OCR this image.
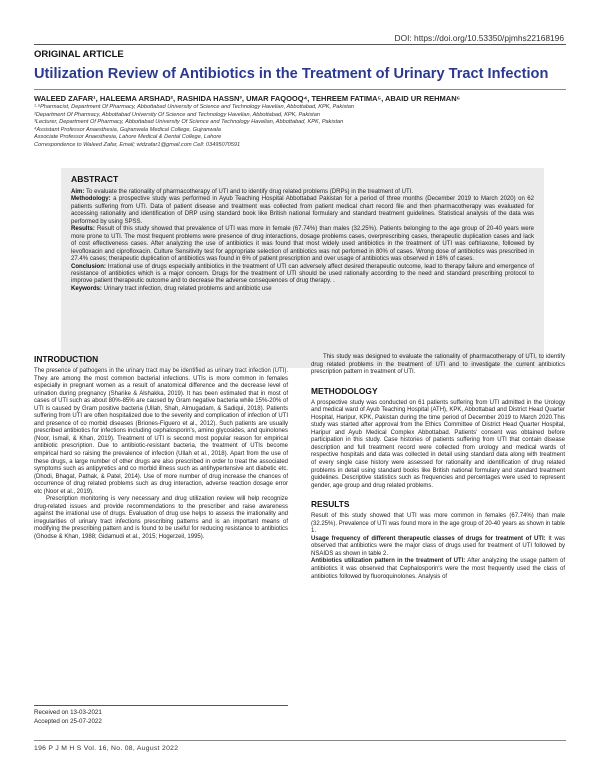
DOI: https://doi.org/10.53350/pjmhs22168196
ORIGINAL ARTICLE
Utilization Review of Antibiotics in the Treatment of Urinary Tract Infection
WALEED ZAFAR¹, HALEEMA ARSHAD², RASHIDA HASSN³, UMAR FAQOOQ⁴, TEHREEM FATIMA⁵, ABAID UR REHMAN⁶
¹·⁵Pharmacist, Department Of Pharmacy, Abbottabad University of Science and Technology Havelian, Abbottabad, KPK, Pakistan
²Department Of Pharmacy, Abbottabad University Of Science and Technology Havelian, Abbottabad, KPK, Pakistan
³Lecturer, Department Of Pharmacy, Abbottabad University Of Science and Technology Havelian, Abbottabad, KPK, Pakistan
⁴Assistant Professor Anaesthesia, Gujranwala Medical College, Gujranwala
Associate Professor Anaesthesia, Lahore Medical & Dental College, Lahore
Correspondence to Waleed Zafar, Email; widzafar1@gmail.com Cell: 03495070591
ABSTRACT

Aim: To evaluate the rationality of pharmacotherapy of UTI and to identify drug related problems (DRPs) in the treatment of UTI.

Methodology: a prospective study was performed in Ayub Teaching Hospital Abbottabad Pakistan for a period of three months (December 2019 to March 2020) on 62 patients suffering from UTI. Data of patient disease and treatment was collected from patient medical chart record file and then pharmacotherapy was evaluated for accessing rationality and identification of DRP using standard book like British national formulary and standard treatment guidelines. Statistical analysis of the data was performed by using SPSS.

Results: Result of this study showed that prevalence of UTI was more in female (67.74%) than males (32.25%). Patients belonging to the age group of 20-40 years were more prone to UTI. The most frequent problems were presence of drug interactions, dosage problems cases, overprescribing cases, therapeutic duplication cases and lack of cost effectiveness cases. After analyzing the use of antibiotics it was found that most widely used antibiotics in the treatment of UTI was ceftriaxone, followed by levofloxacin and ciprofloxacin. Culture Sensitivity test for appropriate selection of antibiotics was not perfomed in 80% of cases. Wrong dose of antibiotics was prescribed in 27.4% cases; therapeutic duplication of antibiotics was found in 6% of patient prescription and over usage of antibiotics was observed in 18% of cases.

Conclusion: Irrational use of drugs especially antibiotics in the treatment of UTI can adversely affect desired therapeutic outcome, lead to therapy failure and emergence of resistance of antibiotics which is a major concern. Drugs for the treatment of UTI should be used rationally according to the need and standard prescribing protocol to improve patient therapeutic outcome and to decrease the adverse consequences of drug therapy. .

Keywords: Urinary tract infection, drug related problems and antibiotic use

INTRODUCTION

The presence of pathogens in the urinary tract may be identified as urinary tract infection (UTI). They are among the most common bacterial infections. UTIs is more common in females especially in pregnant women as a result of anatomical difference and the decrease level of urination during pregnancy (Sharike & Alshakka, 2019). It has been estimated that in most of cases of UTI such as about 80%-85% are caused by Gram negative bacteria while 15%-20% of UTI is caused by Gram positive bacteria (Ullah, Shah, Almugadam, & Sadiqui, 2018). Patients suffering from UTI are often hospitalized due to the severity and complication of infection of UTI and presence of co morbid diseases (Briones-Figuero et al., 2012). Such patients are usually prescribed antibiotics for infections including cephalosporin's, amino glycosides, and quinolones (Noor, Ismail, & Khan, 2019). Treatment of UTI is second most popular reason for empirical antibiotic prescription. Due to antibiotic-resistant bacteria, the treatment of UTIs become empirical hard so raising the prevalence of infection (Ullah et al., 2018). Apart from the use of these drugs, a large number of other drugs are also prescribed in order to treat the associated symptoms such as antipyretics and co morbid illness such as antihypertensive ant diabetic etc. (Dhodi, Bhagat, Pathak, & Patel, 2014). Use of more number of drug increase the chances of occurrence of drug related problems such as drug interaction, adverse reaction dosage error etc (Noor et al., 2019).

Prescription monitoring is very necessary and drug utilization review will help recognize drug-related issues and provide recommendations to the prescriber and raise awareness against the irrational use of drugs. Evaluation of drug use helps to assess the irrationality and irregularities of urinary tract infections prescribing patterns and is an important means of modifying the prescribing pattern and is found to be useful for reducing resistance to antibiotics (Ghodse & Khan, 1988; Gidamudi et al., 2015; Hogerzeil, 1995).

Received on 13-03-2021
Accepted on 25-07-2022

This study was designed to evaluate the rationality of pharmacotherapy of UTI, to identify drug related problems in the treatment of UTI and to investigate the current antibiotics prescription pattern in treatment of UTI.

METHODOLOGY

A prospective study was conducted on 61 patients suffering from UTI admitted in the Urology and medical ward of Ayub Teaching Hospital (ATH), KPK, Abbottabad and District Head Quarter Hospital, Haripur, KPK, Pakistan during the time period of December 2019 to March 2020.This study was started after approval from the Ethics Committee of District Head Quarter Hospital, Haripur and Ayub Medical Complex Abbottabad. Patients' consent was obtained before participation in this study. Case histories of patients suffering from UTI that contain disease description and full treatment record were collected from urology and medical wards of respective hospitals and data was collected in detail using standard data along with treatment of every single case history were assessed for rationality and identification of drug related problems in detail using standard books like British national formulary and standard treatment guidelines. Descriptive statistics such as frequencies and percentages were used to represent gender, age group and drug related problems.

RESULTS

Result of this study showed that UTI was more common in females (67.74%) than male (32.25%). Prevalence of UTI was found more in the age group of 20-40 years as shown in table 1.

Usage frequency of different therapeutic classes of drugs for treatment of UTI: It was observed that antibiotics were the major class of drugs used for treatment of UTI followed by NSAIDS as shown in table 2.

Antibiotics utilization pattern in the treatment of UTI: After analyzing the usage pattern of antibiotics it was observed that Cephalosporin's were the most frequently used the class of antibiotics followed by fluoroquinolones. Analysis of

196 P J M H S Vol. 16, No. 08, August 2022
